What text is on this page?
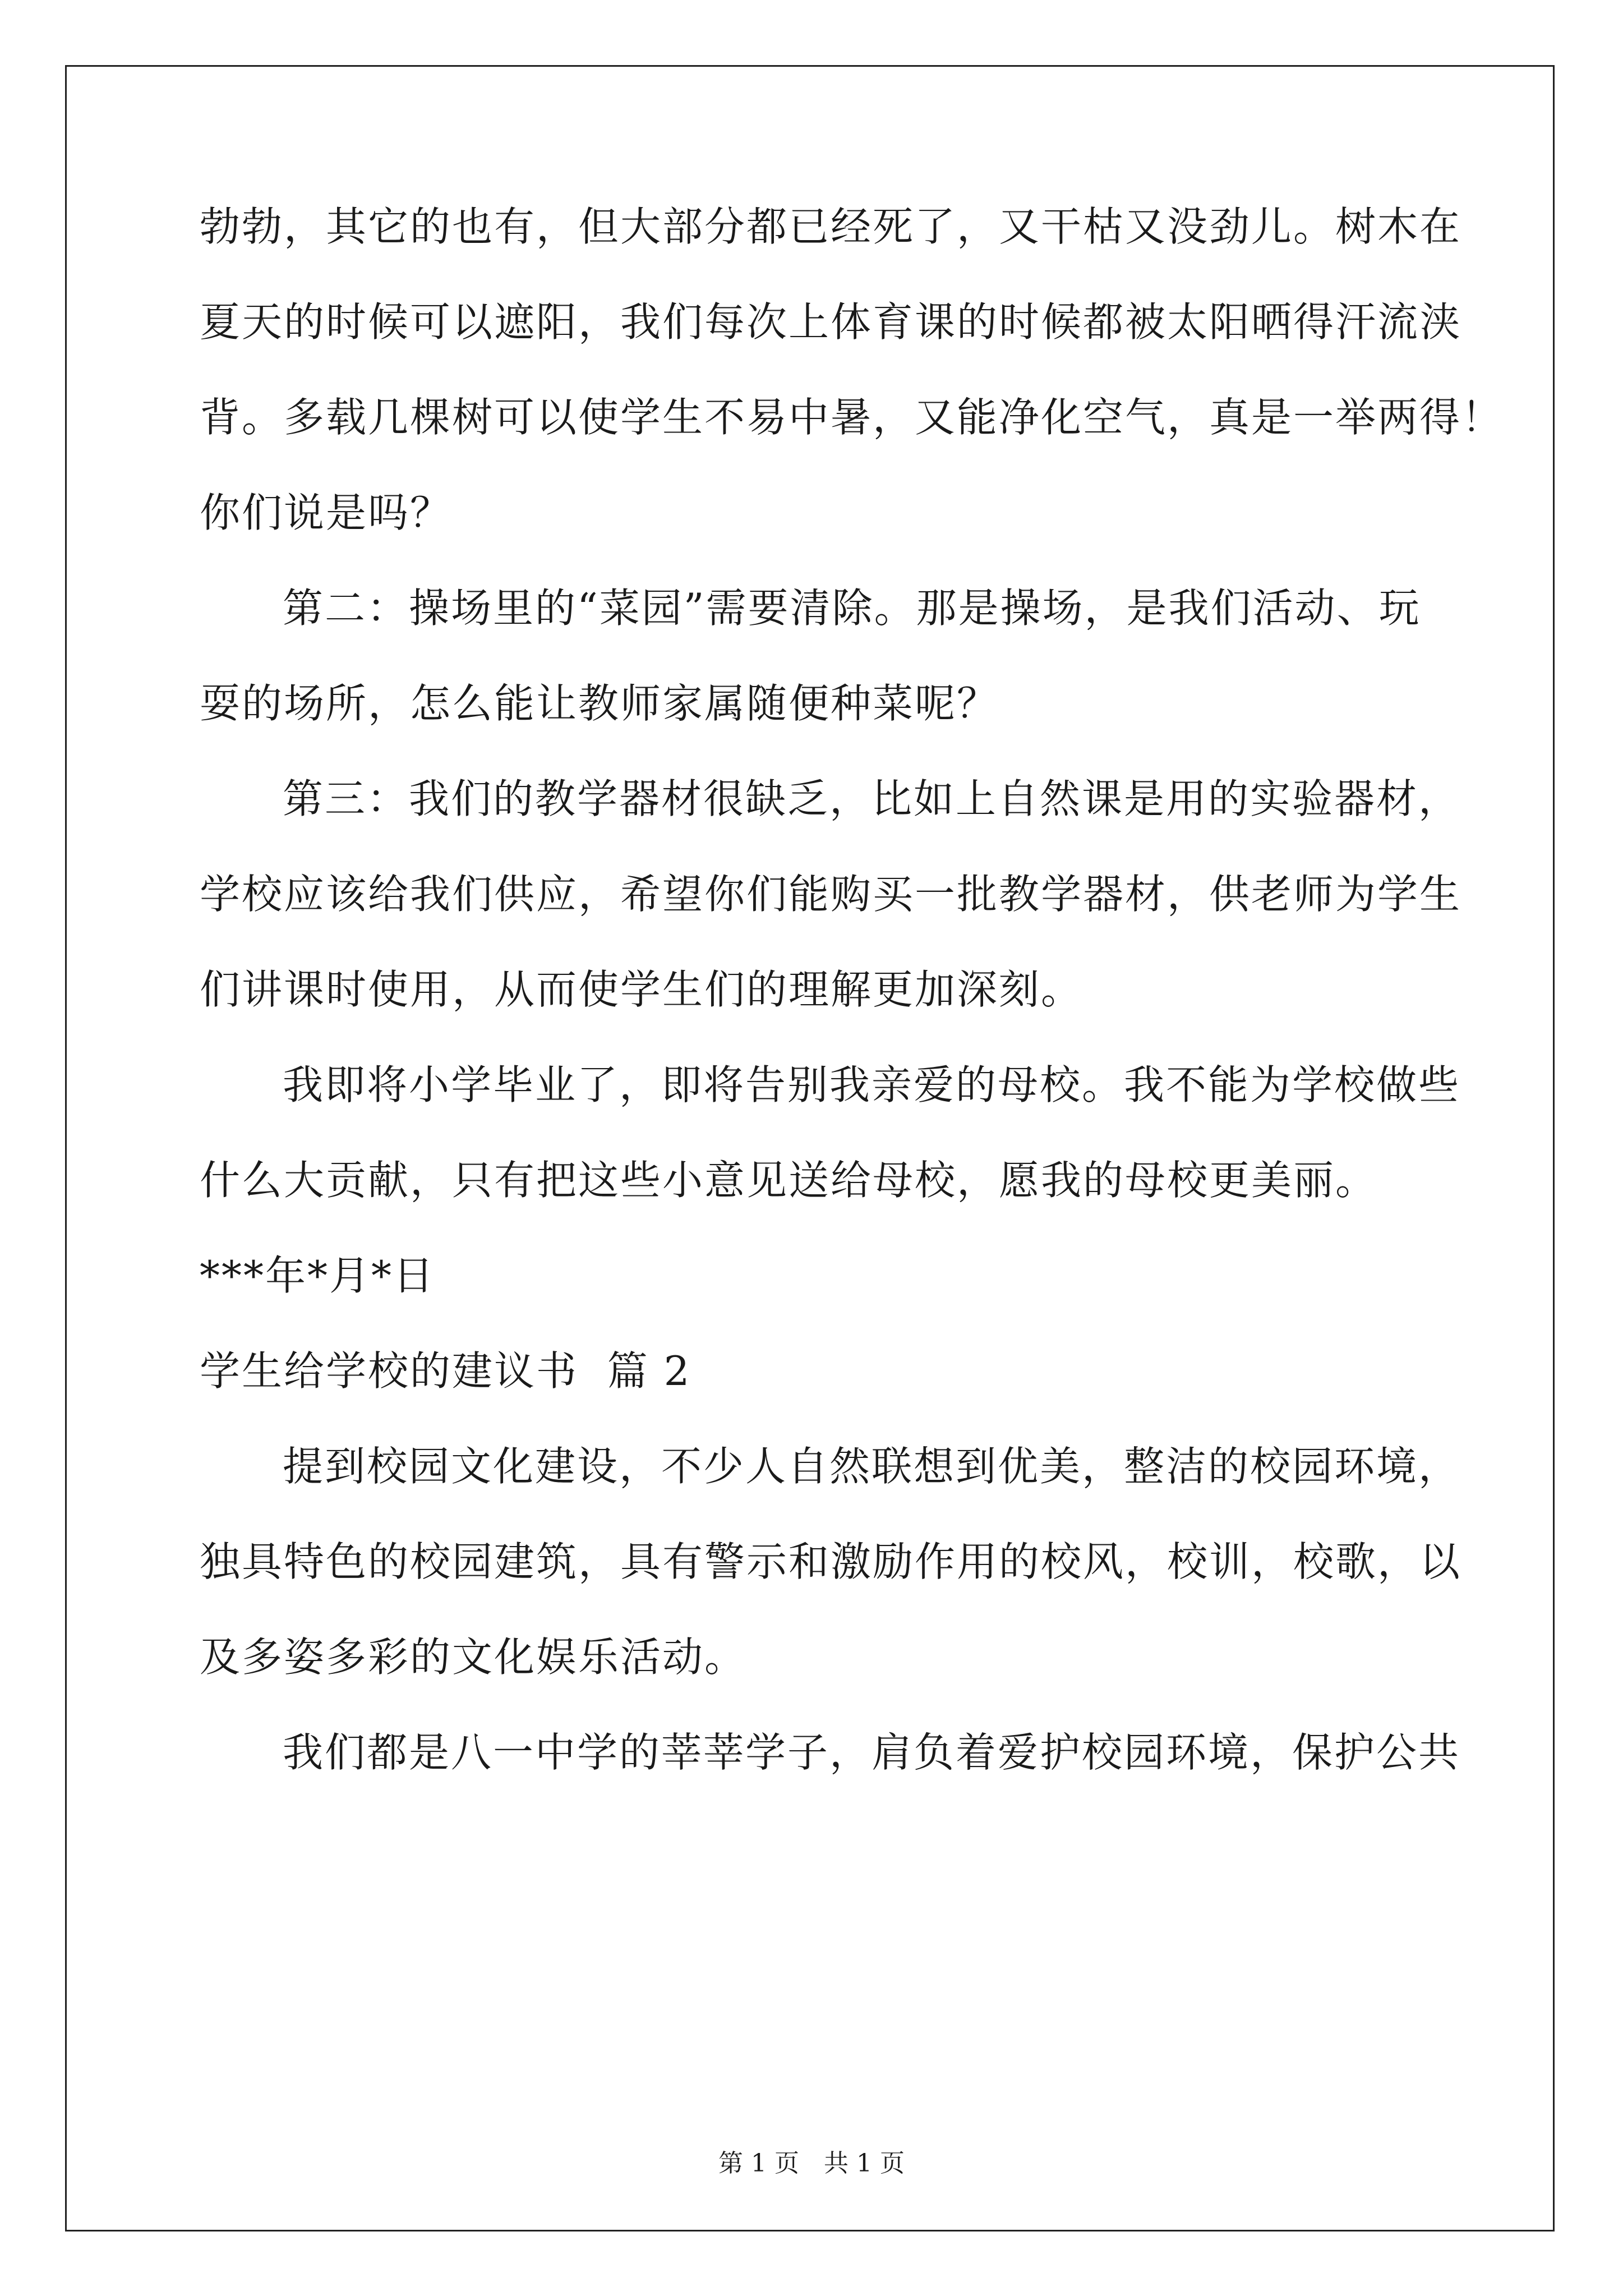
勃勃，其它的也有，但大部分都已经死了，又干枯又没劲儿。树木在
夏天的时候可以遮阳，我们每次上体育课的时候都被太阳晒得汗流浃
背。多载几棵树可以使学生不易中暑，又能净化空气，真是一举两得！
你们说是吗？
第二：操场里的“菜园”需要清除。那是操场，是我们活动、玩
耍的场所，怎么能让教师家属随便种菜呢？
第三：我们的教学器材很缺乏，比如上自然课是用的实验器材，
学校应该给我们供应，希望你们能购买一批教学器材，供老师为学生
们讲课时使用，从而使学生们的理解更加深刻。
我即将小学毕业了，即将告别我亲爱的母校。我不能为学校做些
什么大贡献，只有把这些小意见送给母校，愿我的母校更美丽。
***年*月*日
学生给学校的建议书  篇 2
提到校园文化建设，不少人自然联想到优美，整洁的校园环境，
独具特色的校园建筑，具有警示和激励作用的校风，校训，校歌，以
及多姿多彩的文化娱乐活动。
我们都是八一中学的莘莘学子，肩负着爱护校园环境，保护公共
第 1 页 共 1 页
